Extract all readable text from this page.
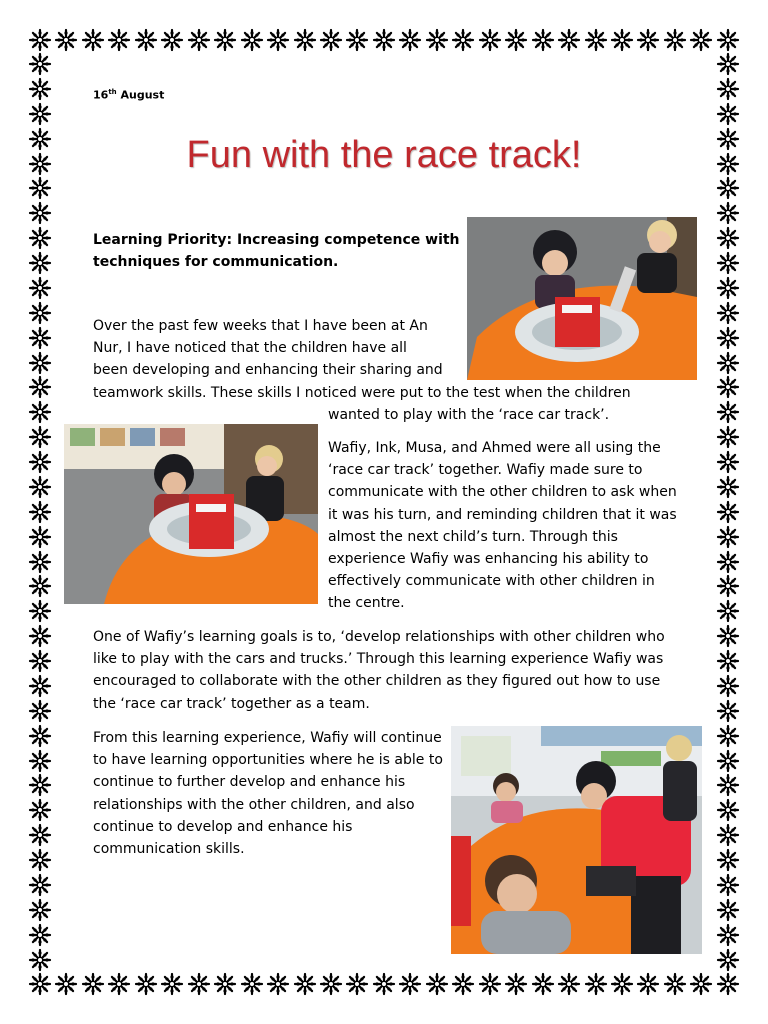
16th August
Fun with the race track!
Learning Priority: Increasing competence with techniques for communication.
Over the past few weeks that I have been at An
Nur, I have noticed that the children have all
been developing and enhancing their sharing and
teamwork skills. These skills I noticed were put to the test when the children
wanted to play with the ‘race car track’.
Wafiy, Ink, Musa, and Ahmed were all using the ‘race car track’ together. Wafiy made sure to communicate with the other children to ask when it was his turn, and reminding children that it was almost the next child’s turn. Through this experience Wafiy was enhancing his ability to effectively communicate with other children in the centre.
One of Wafiy’s learning goals is to, ‘develop relationships with other children who like to play with the cars and trucks.’ Through this learning experience Wafiy was encouraged to collaborate with the other children as they figured out how to use the ‘race car track’ together as a team.
From this learning experience, Wafiy will continue to have learning opportunities where he is able to continue to further develop and enhance his relationships with the other children, and also continue to develop and enhance his communication skills.
